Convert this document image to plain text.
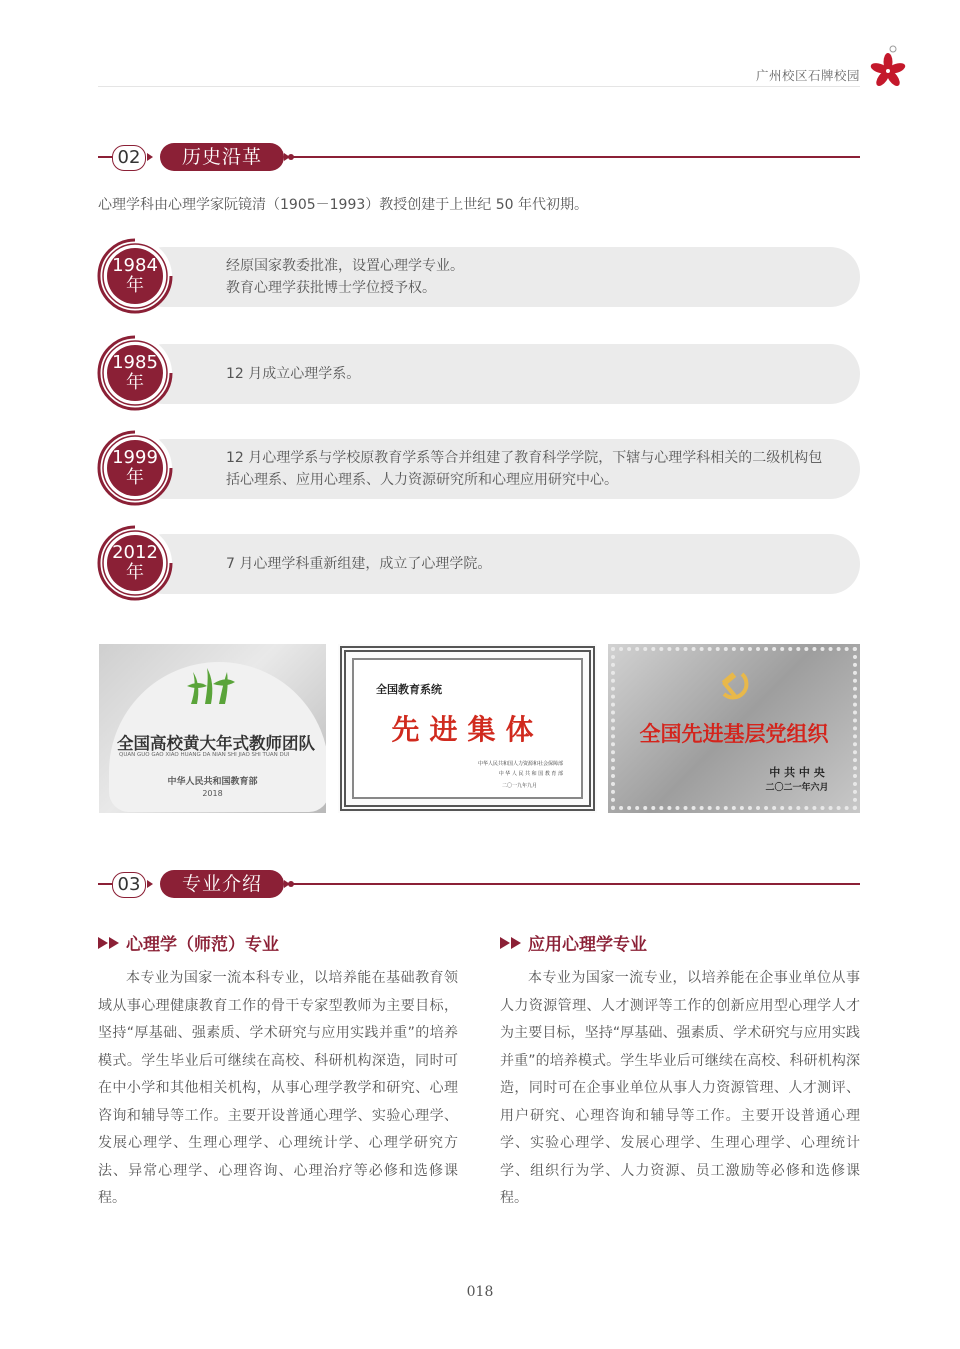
广州校区石牌校园
02	历史沿革
心理学科由心理学家阮镜清（1905－1993）教授创建于上世纪 50 年代初期。
经原国家教委批准，设置心理学专业。
教育心理学获批博士学位授予权。
1984
年
12 月成立心理学系。
1985
年
12 月心理学系与学校原教育学系等合并组建了教育科学学院，下辖与心理学科相关的二级机构包
括心理系、应用心理系、人力资源研究所和心理应用研究中心。
1999
年
7 月心理学科重新组建，成立了心理学院。
2012
年
全国高校黄大年式教师团队
QUAN GUO GAO XIAO HUANG DA NIAN SHI JIAO SHI TUAN DUI
中华人民共和国教育部
2018
全国教育系统
先进集体
中华人民共和国人力资源和社会保障部
中 华 人 民 共 和 国 教 育 部
二〇一九年九月
全国先进基层党组织
中 共 中 央
二〇二一年六月
03	专业介绍
心理学（师范）专业
本专业为国家一流本科专业，以培养能在基础教育领域从事心理健康教育工作的骨干专家型教师为主要目标，坚持“厚基础、强素质、学术研究与应用实践并重”的培养模式。学生毕业后可继续在高校、科研机构深造，同时可在中小学和其他相关机构，从事心理学教学和研究、心理咨询和辅导等工作。主要开设普通心理学、实验心理学、发展心理学、生理心理学、心理统计学、心理学研究方法、异常心理学、心理咨询、心理治疗等必修和选修课程。
应用心理学专业
本专业为国家一流专业，以培养能在企事业单位从事人力资源管理、人才测评等工作的创新应用型心理学人才为主要目标，坚持“厚基础、强素质、学术研究与应用实践并重”的培养模式。学生毕业后可继续在高校、科研机构深造，同时可在企事业单位从事人力资源管理、人才测评、用户研究、心理咨询和辅导等工作。主要开设普通心理学、实验心理学、发展心理学、生理心理学、心理统计学、组织行为学、人力资源、员工激励等必修和选修课程。
018
